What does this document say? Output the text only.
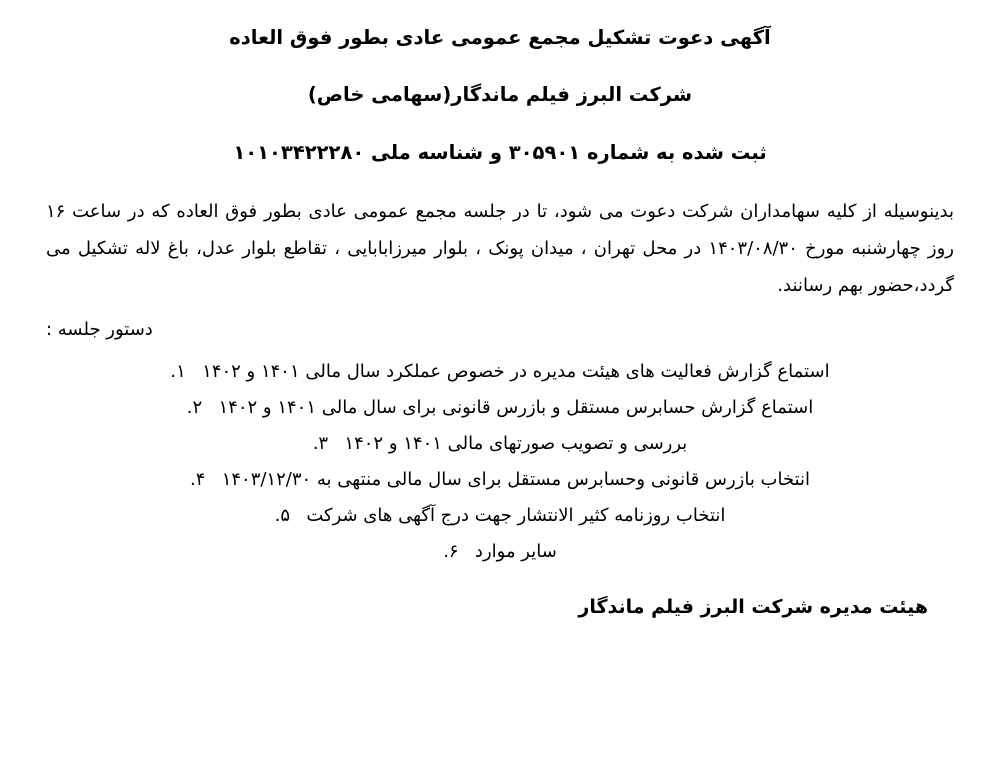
آگهی دعوت تشکیل مجمع عمومی عادی بطور فوق العاده
شرکت البرز فیلم ماندگار(سهامی خاص)
ثبت شده به شماره ۳۰۵۹۰۱ و شناسه ملی ۱۰۱۰۳۴۲۲۲۸۰

بدینوسیله از کلیه سهامداران شرکت دعوت می شود، تا در جلسه مجمع عمومی عادی بطور فوق العاده که در ساعت ۱۶ روز چهارشنبه مورخ ۱۴۰۳/۰۸/۳۰ در محل تهران ، میدان پونک ، بلوار میرزابابایی ، تقاطع بلوار عدل، باغ لاله تشکیل می گردد،حضور بهم رسانند.

دستور جلسه :
استماع گزارش فعالیت های هیئت مدیره در خصوص عملکرد سال مالی ۱۴۰۱ و ۱۴۰۲ ۱.
استماع گزارش حسابرس مستقل و بازرس قانونی برای سال مالی ۱۴۰۱ و ۱۴۰۲ ۲.
بررسی و تصویب صورتهای مالی ۱۴۰۱ و ۱۴۰۲ ۳.
انتخاب بازرس قانونی وحسابرس مستقل برای سال مالی منتهی به ۱۴۰۳/۱۲/۳۰ ۴.
انتخاب روزنامه کثیر الانتشار جهت درج آگهی های شرکت ۵.
سایر موارد ۶.
هیئت مدیره شرکت البرز فیلم ماندگار
